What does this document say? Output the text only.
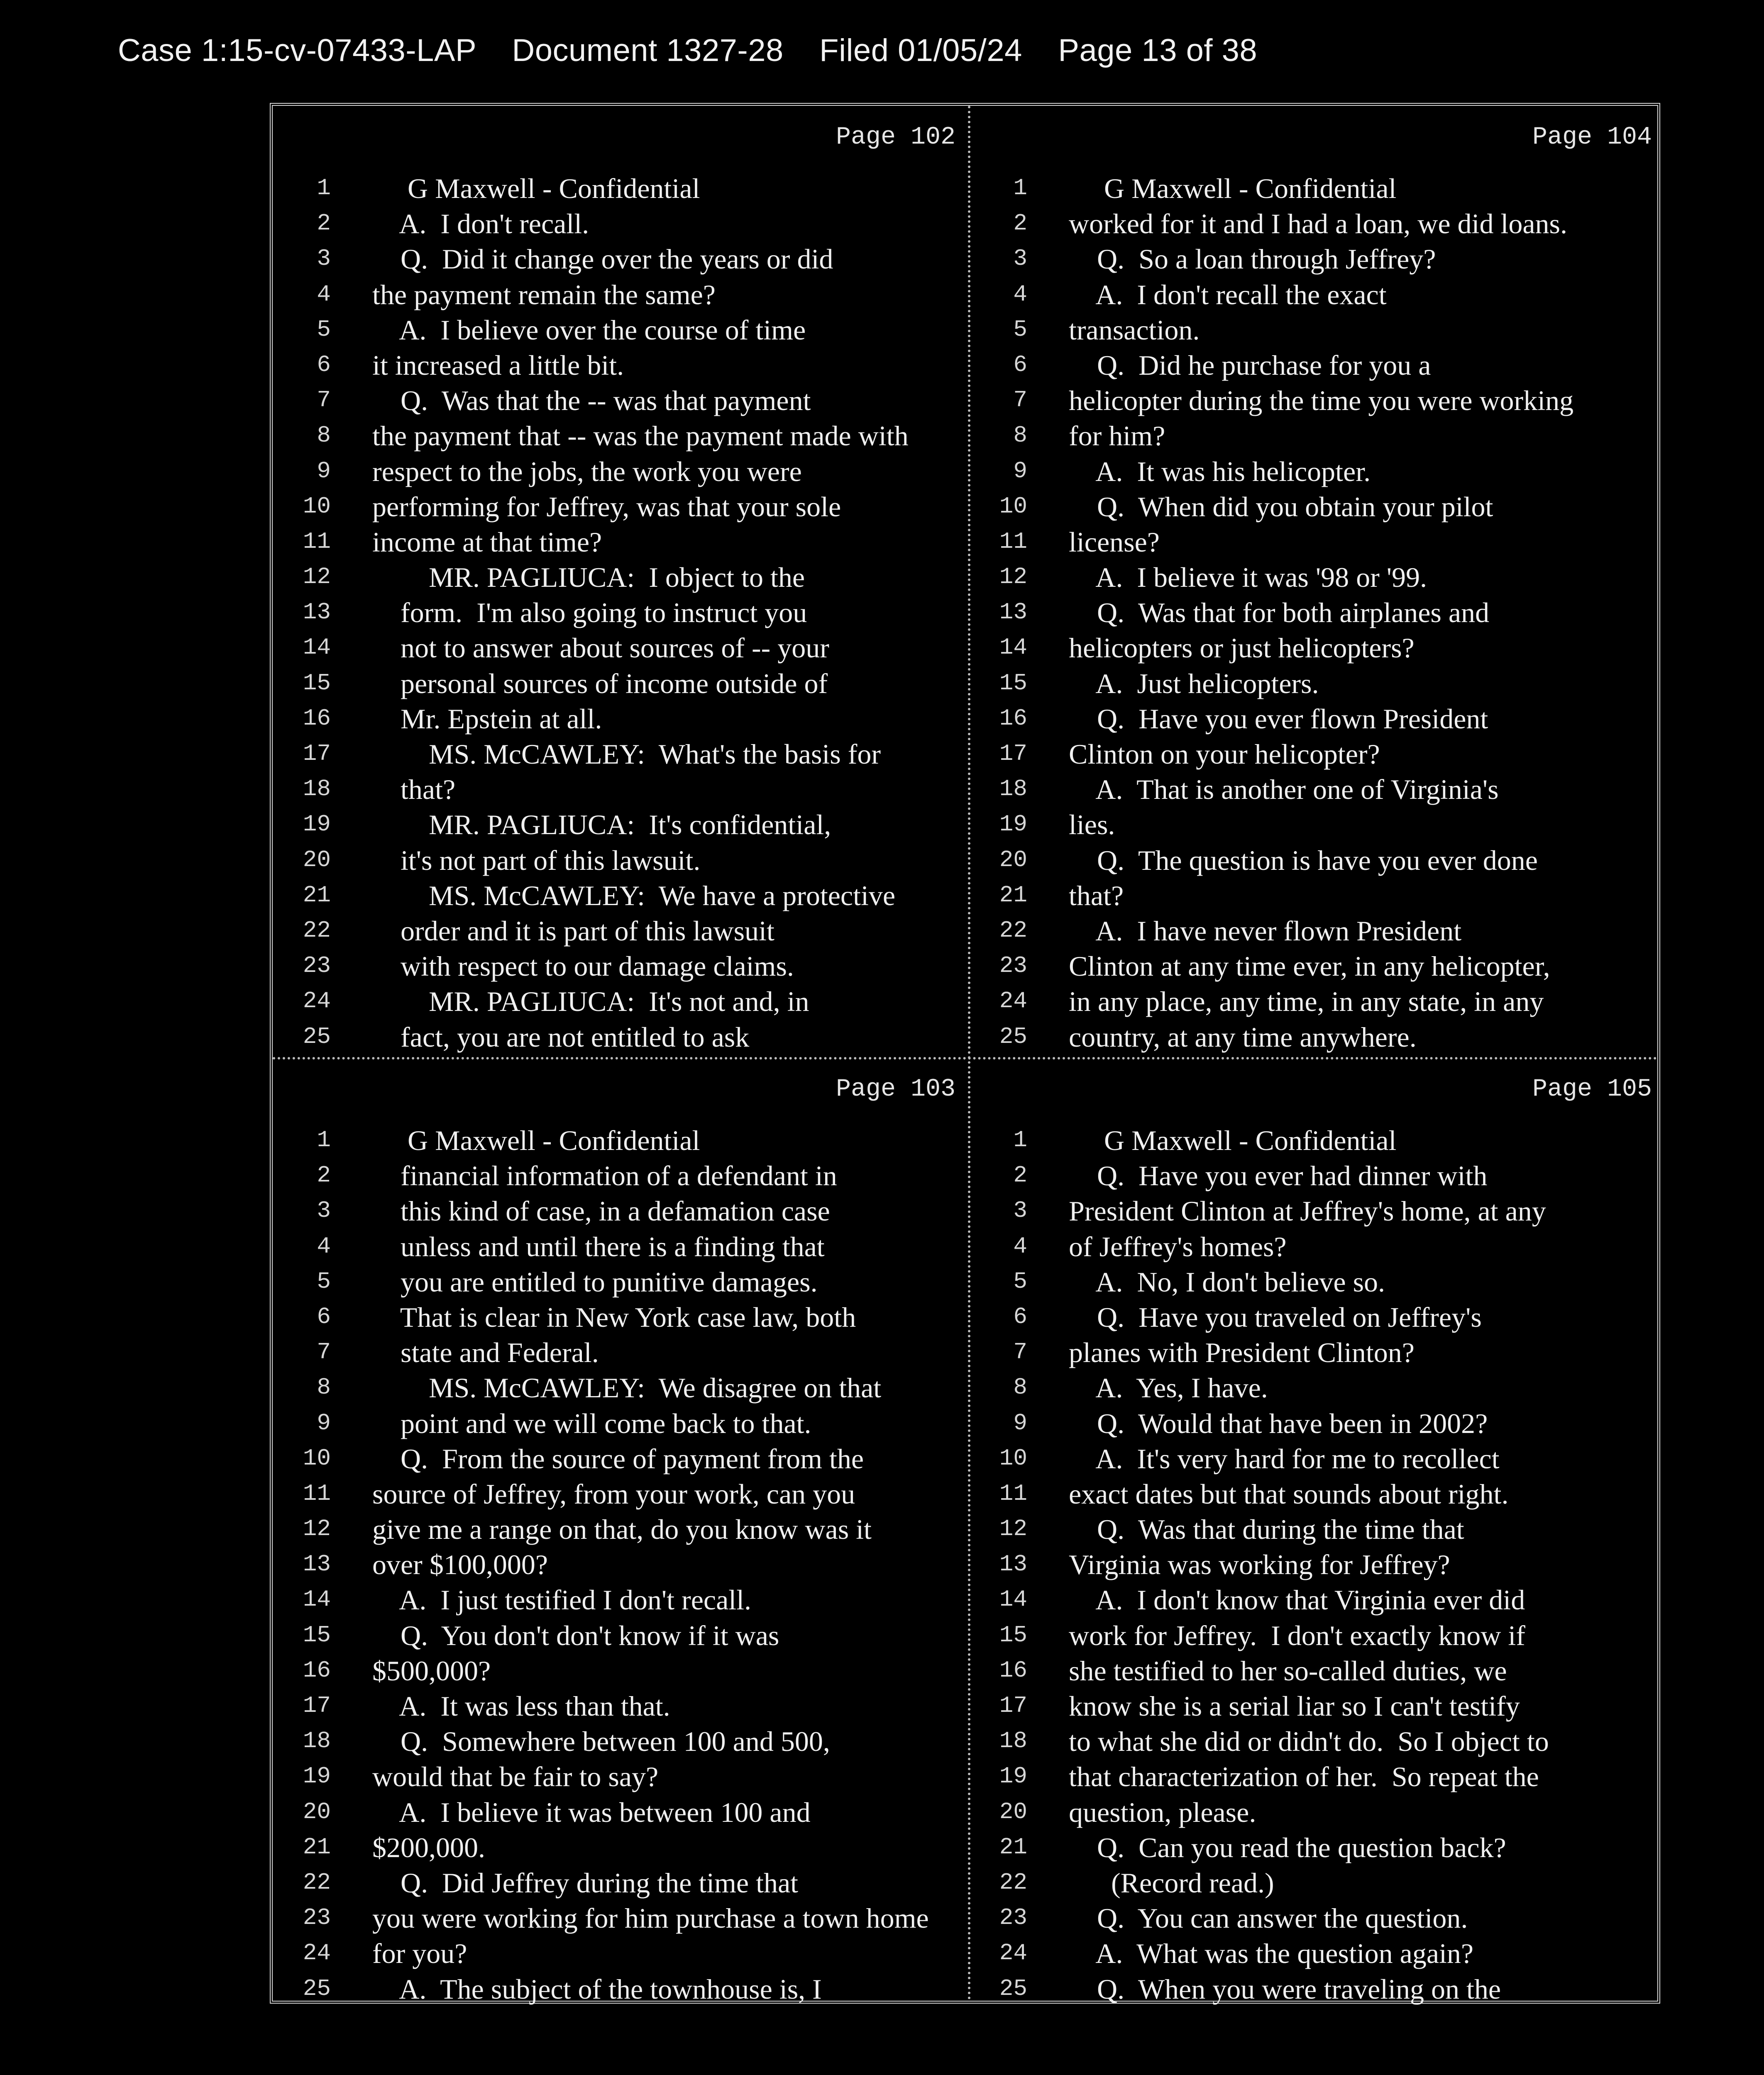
Case 1:15-cv-07433-LAP    Document 1327-28    Filed 01/05/24    Page 13 of 38
Page 102
1 G Maxwell - Confidential
2 A.  I don't recall.
3 Q.  Did it change over the years or did
4 the payment remain the same?
5 A.  I believe over the course of time
6 it increased a little bit.
7 Q.  Was that the -- was that payment
8 the payment that -- was the payment made with
9 respect to the jobs, the work you were
10 performing for Jeffrey, was that your sole
11 income at that time?
12 MR. PAGLIUCA:  I object to the
13 form.  I'm also going to instruct you
14 not to answer about sources of -- your
15 personal sources of income outside of
16 Mr. Epstein at all.
17 MS. McCAWLEY:  What's the basis for
18 that?
19 MR. PAGLIUCA:  It's confidential,
20 it's not part of this lawsuit.
21 MS. McCAWLEY:  We have a protective
22 order and it is part of this lawsuit
23 with respect to our damage claims.
24 MR. PAGLIUCA:  It's not and, in
25 fact, you are not entitled to ask
Page 104
1 G Maxwell - Confidential
2 worked for it and I had a loan, we did loans.
3 Q.  So a loan through Jeffrey?
4 A.  I don't recall the exact
5 transaction.
6 Q.  Did he purchase for you a
7 helicopter during the time you were working
8 for him?
9 A.  It was his helicopter.
10 Q.  When did you obtain your pilot
11 license?
12 A.  I believe it was '98 or '99.
13 Q.  Was that for both airplanes and
14 helicopters or just helicopters?
15 A.  Just helicopters.
16 Q.  Have you ever flown President
17 Clinton on your helicopter?
18 A.  That is another one of Virginia's
19 lies.
20 Q.  The question is have you ever done
21 that?
22 A.  I have never flown President
23 Clinton at any time ever, in any helicopter,
24 in any place, any time, in any state, in any
25 country, at any time anywhere.
Page 103
1 G Maxwell - Confidential
2 financial information of a defendant in
3 this kind of case, in a defamation case
4 unless and until there is a finding that
5 you are entitled to punitive damages.
6 That is clear in New York case law, both
7 state and Federal.
8 MS. McCAWLEY:  We disagree on that
9 point and we will come back to that.
10 Q.  From the source of payment from the
11 source of Jeffrey, from your work, can you
12 give me a range on that, do you know was it
13 over $100,000?
14 A.  I just testified I don't recall.
15 Q.  You don't don't know if it was
16 $500,000?
17 A.  It was less than that.
18 Q.  Somewhere between 100 and 500,
19 would that be fair to say?
20 A.  I believe it was between 100 and
21 $200,000.
22 Q.  Did Jeffrey during the time that
23 you were working for him purchase a town home
24 for you?
25 A.  The subject of the townhouse is, I
Page 105
1 G Maxwell - Confidential
2 Q.  Have you ever had dinner with
3 President Clinton at Jeffrey's home, at any
4 of Jeffrey's homes?
5 A.  No, I don't believe so.
6 Q.  Have you traveled on Jeffrey's
7 planes with President Clinton?
8 A.  Yes, I have.
9 Q.  Would that have been in 2002?
10 A.  It's very hard for me to recollect
11 exact dates but that sounds about right.
12 Q.  Was that during the time that
13 Virginia was working for Jeffrey?
14 A.  I don't know that Virginia ever did
15 work for Jeffrey.  I don't exactly know if
16 she testified to her so-called duties, we
17 know she is a serial liar so I can't testify
18 to what she did or didn't do.  So I object to
19 that characterization of her.  So repeat the
20 question, please.
21 Q.  Can you read the question back?
22 (Record read.)
23 Q.  You can answer the question.
24 A.  What was the question again?
25 Q.  When you were traveling on the
